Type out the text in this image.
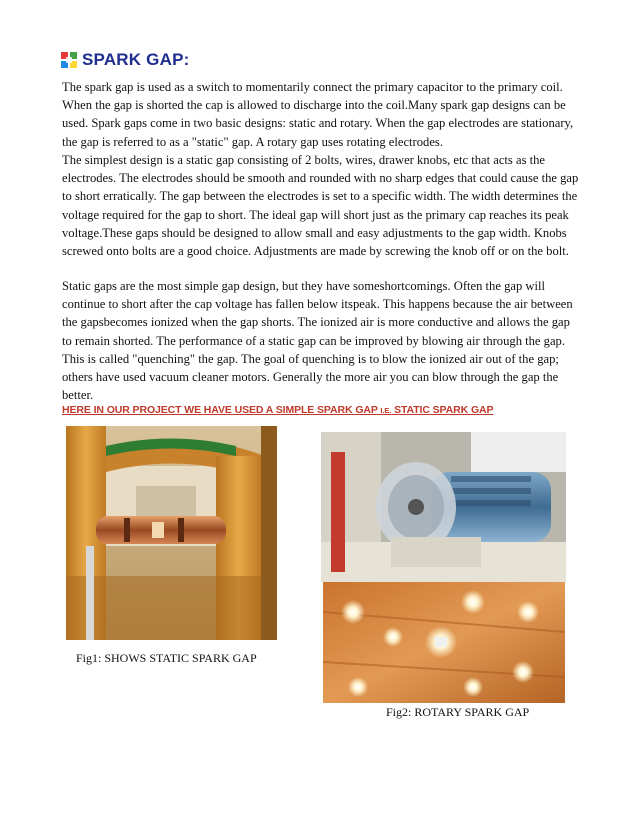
SPARK GAP:

The spark gap is used as a switch to momentarily connect the primary capacitor to the primary coil. When the gap is shorted the cap is allowed to discharge into the coil.Many spark gap designs can be used. Spark gaps come in two basic designs: static and rotary. When the gap electrodes are stationary, the gap is referred to as a "static" gap. A rotary gap uses rotating electrodes.

The simplest design is a static gap consisting of 2 bolts, wires, drawer knobs, etc that acts as the electrodes. The electrodes should be smooth and rounded with no sharp edges that could cause the gap to short erratically. The gap between the electrodes is set to a specific width. The width determines the voltage required for the gap to short. The ideal gap will short just as the primary cap reaches its peak voltage.These gaps should be designed to allow small and easy adjustments to the gap width. Knobs screwed onto bolts are a good choice. Adjustments are made by screwing the knob off or on the bolt.

Static gaps are the most simple gap design, but they have someshortcomings. Often the gap will continue to short after the cap voltage has fallen below itspeak. This happens because the air between the gapsbecomes ionized when the gap shorts. The ionized air is more conductive and allows the gap to remain shorted. The performance of a static gap can be improved by blowing air through the gap. This is called "quenching" the gap. The goal of quenching is to blow the ionized air out of the gap; others have used vacuum cleaner motors. Generally the more air you can blow through the gap the better.

HERE IN OUR PROJECT WE HAVE USED A SIMPLE SPARK GAP I.E. STATIC SPARK GAP
Fig1: SHOWS STATIC SPARK GAP
Fig2: ROTARY SPARK GAP
